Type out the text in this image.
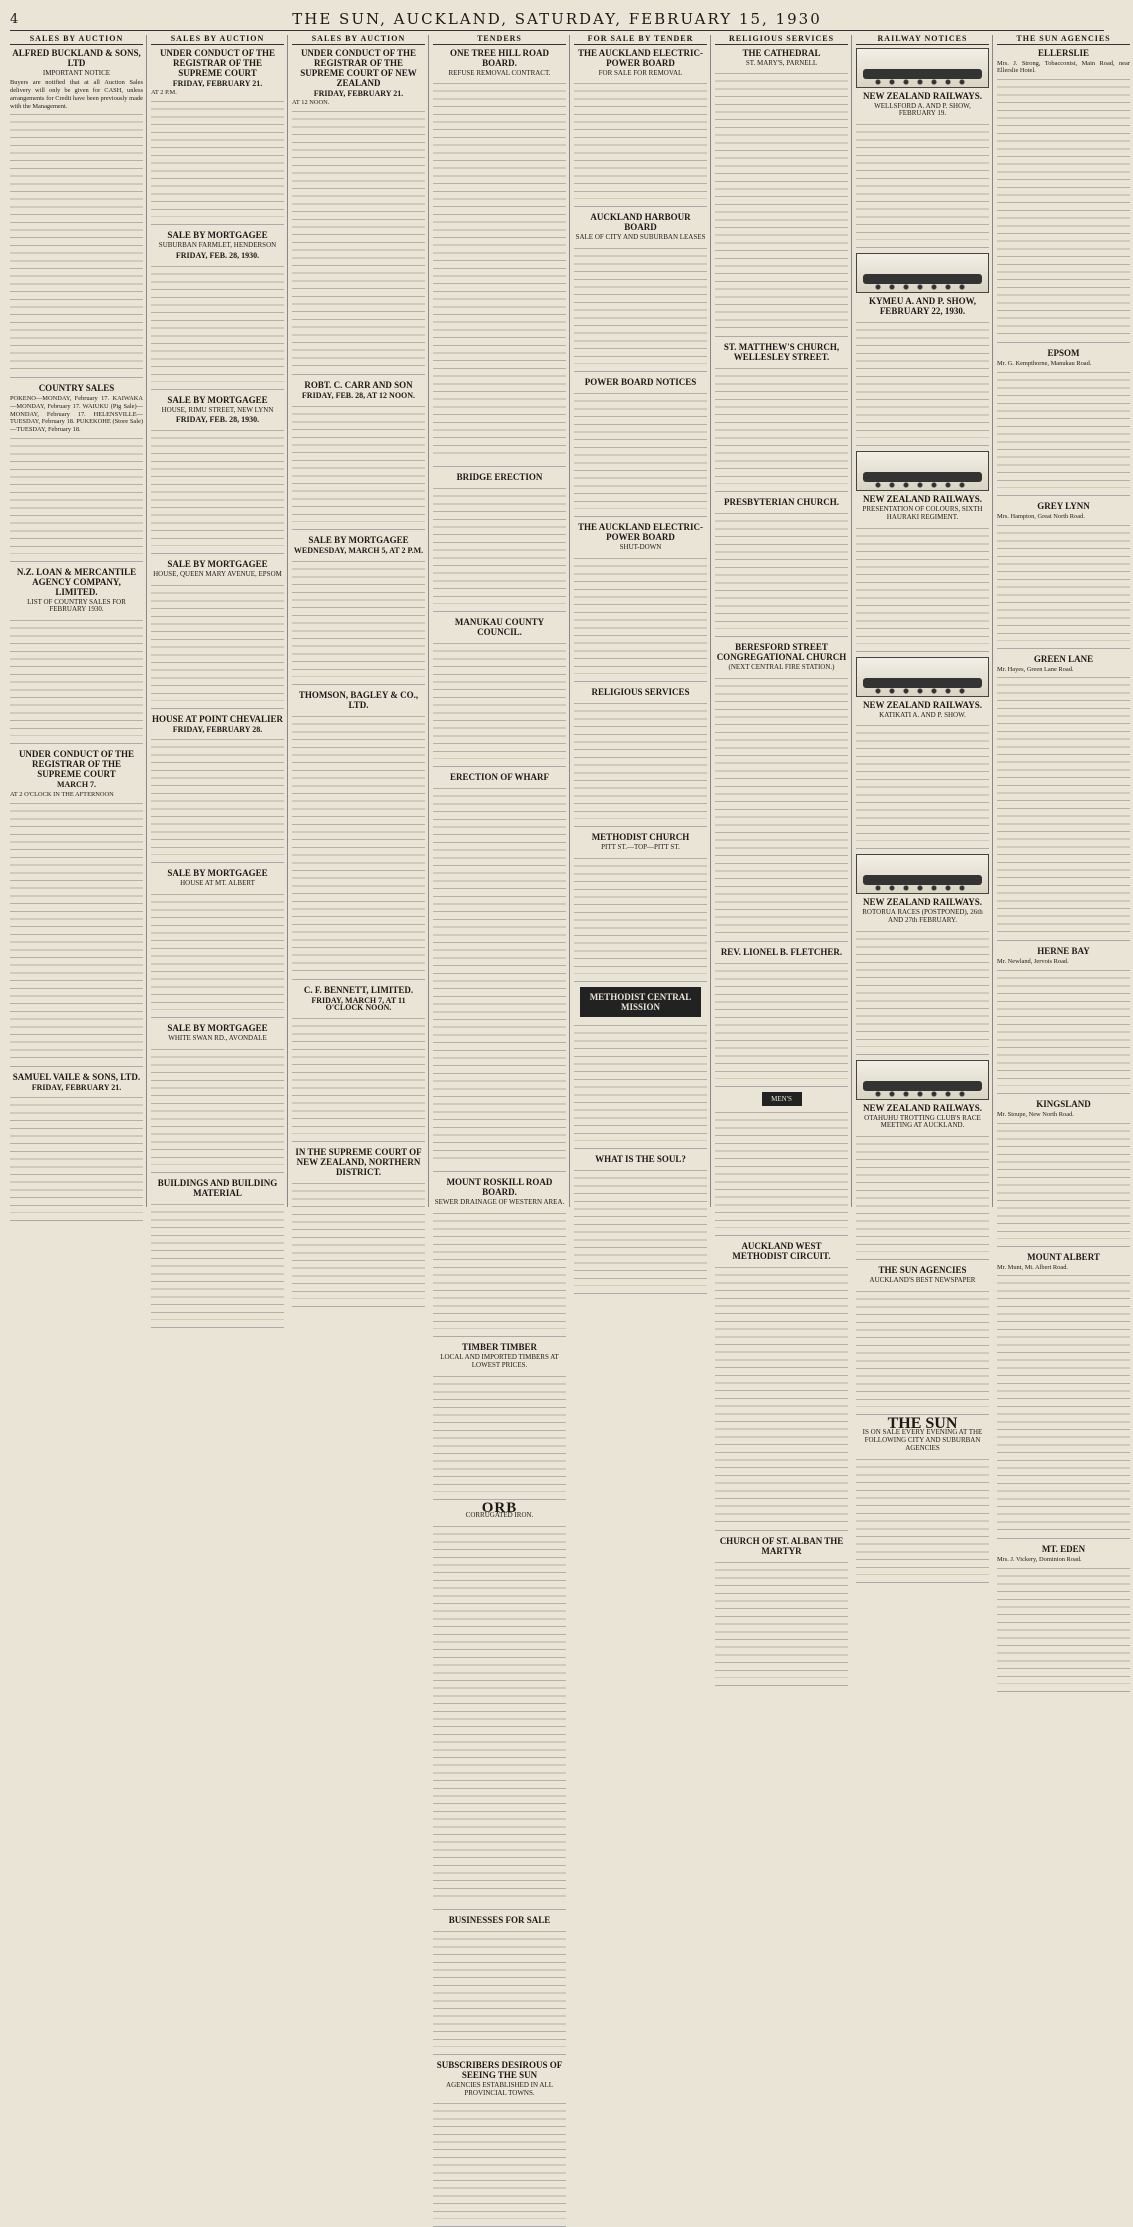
4	THE SUN, AUCKLAND, SATURDAY, FEBRUARY 15, 1930
SALES BY AUCTION
ALFRED BUCKLAND & SONS, LTD
IMPORTANT NOTICE
Buyers are notified that at all Auction Sales delivery will only be given for CASH, unless arrangements for Credit have been previously made with the Management.
COUNTRY SALES
POKENO—MONDAY, February 17. KAIWAKA—MONDAY, February 17. WAIUKU (Pig Sale)—MONDAY, February 17. HELENSVILLE—TUESDAY, February 18. PUKEKOHE (Store Sale)—TUESDAY, February 18.
N.Z. LOAN & MERCANTILE AGENCY COMPANY, LIMITED.
LIST OF COUNTRY SALES FOR FEBRUARY 1930.
UNDER CONDUCT OF THE REGISTRAR OF THE SUPREME COURT
MARCH 7.
AT 2 O'CLOCK IN THE AFTERNOON
SAMUEL VAILE & SONS, LTD.
FRIDAY, FEBRUARY 21.
SALES BY AUCTION
UNDER CONDUCT OF THE REGISTRAR OF THE SUPREME COURT
FRIDAY, FEBRUARY 21.
AT 2 P.M.
SALE BY MORTGAGEE
SUBURBAN FARMLET, HENDERSON
FRIDAY, FEB. 28, 1930.
SALE BY MORTGAGEE
HOUSE, RIMU STREET, NEW LYNN
FRIDAY, FEB. 28, 1930.
SALE BY MORTGAGEE
HOUSE, QUEEN MARY AVENUE, EPSOM
HOUSE AT POINT CHEVALIER
FRIDAY, FEBRUARY 28.
SALE BY MORTGAGEE
HOUSE AT MT. ALBERT
SALE BY MORTGAGEE
WHITE SWAN RD., AVONDALE
BUILDINGS AND BUILDING MATERIAL
SALES BY AUCTION
UNDER CONDUCT OF THE REGISTRAR OF THE SUPREME COURT OF NEW ZEALAND
FRIDAY, FEBRUARY 21.
AT 12 NOON.
ROBT. C. CARR AND SON
FRIDAY, FEB. 28, AT 12 NOON.
SALE BY MORTGAGEE
WEDNESDAY, MARCH 5, AT 2 P.M.
THOMSON, BAGLEY & CO., LTD.
C. F. BENNETT, LIMITED.
FRIDAY, MARCH 7, AT 11 O'CLOCK NOON.
IN THE SUPREME COURT OF NEW ZEALAND, NORTHERN DISTRICT.
TENDERS
ONE TREE HILL ROAD BOARD.
REFUSE REMOVAL CONTRACT.
BRIDGE ERECTION
MANUKAU COUNTY COUNCIL.
ERECTION OF WHARF
MOUNT ROSKILL ROAD BOARD.
SEWER DRAINAGE OF WESTERN AREA.
TIMBER TIMBER
LOCAL AND IMPORTED TIMBERS AT LOWEST PRICES.
ORB
CORRUGATED IRON.
BUSINESSES FOR SALE
SUBSCRIBERS DESIROUS OF SEEING THE SUN
AGENCIES ESTABLISHED IN ALL PROVINCIAL TOWNS.
FOR SALE BY TENDER
THE AUCKLAND ELECTRIC-POWER BOARD
FOR SALE FOR REMOVAL
AUCKLAND HARBOUR BOARD
SALE OF CITY AND SUBURBAN LEASES
POWER BOARD NOTICES
THE AUCKLAND ELECTRIC-POWER BOARD
SHUT-DOWN
RELIGIOUS SERVICES
METHODIST CHURCH
PITT ST.—TOP—PITT ST.
METHODIST CENTRAL MISSION
WHAT IS THE SOUL?
RELIGIOUS SERVICES
THE CATHEDRAL
ST. MARY'S, PARNELL
ST. MATTHEW'S CHURCH, WELLESLEY STREET.
PRESBYTERIAN CHURCH.
BERESFORD STREET CONGREGATIONAL CHURCH
(NEXT CENTRAL FIRE STATION.)
REV. LIONEL B. FLETCHER.
MEN'S
AUCKLAND WEST METHODIST CIRCUIT.
CHURCH OF ST. ALBAN THE MARTYR
RAILWAY NOTICES
NEW ZEALAND RAILWAYS.
WELLSFORD A. AND P. SHOW, FEBRUARY 19.
KYMEU A. AND P. SHOW, FEBRUARY 22, 1930.
NEW ZEALAND RAILWAYS.
PRESENTATION OF COLOURS, SIXTH HAURAKI REGIMENT.
NEW ZEALAND RAILWAYS.
KATIKATI A. AND P. SHOW.
NEW ZEALAND RAILWAYS.
ROTORUA RACES (POSTPONED), 26th AND 27th FEBRUARY.
NEW ZEALAND RAILWAYS.
OTAHUHU TROTTING CLUB'S RACE MEETING AT AUCKLAND.
THE SUN AGENCIES
AUCKLAND'S BEST NEWSPAPER
THE SUN
IS ON SALE EVERY EVENING AT THE FOLLOWING CITY AND SUBURBAN AGENCIES
THE SUN AGENCIES
ELLERSLIE
Mrs. J. Strong, Tobacconist, Main Road, near Ellerslie Hotel.
EPSOM
Mr. G. Kempthorne, Manukau Road.
GREY LYNN
Mrs. Hampton, Great North Road.
GREEN LANE
Mr. Hayes, Green Lane Road.
HERNE BAY
Mr. Newland, Jervois Road.
KINGSLAND
Mr. Stoupe, New North Road.
MOUNT ALBERT
Mr. Munt, Mt. Albert Road.
MT. EDEN
Mrs. J. Vickery, Dominion Road.
